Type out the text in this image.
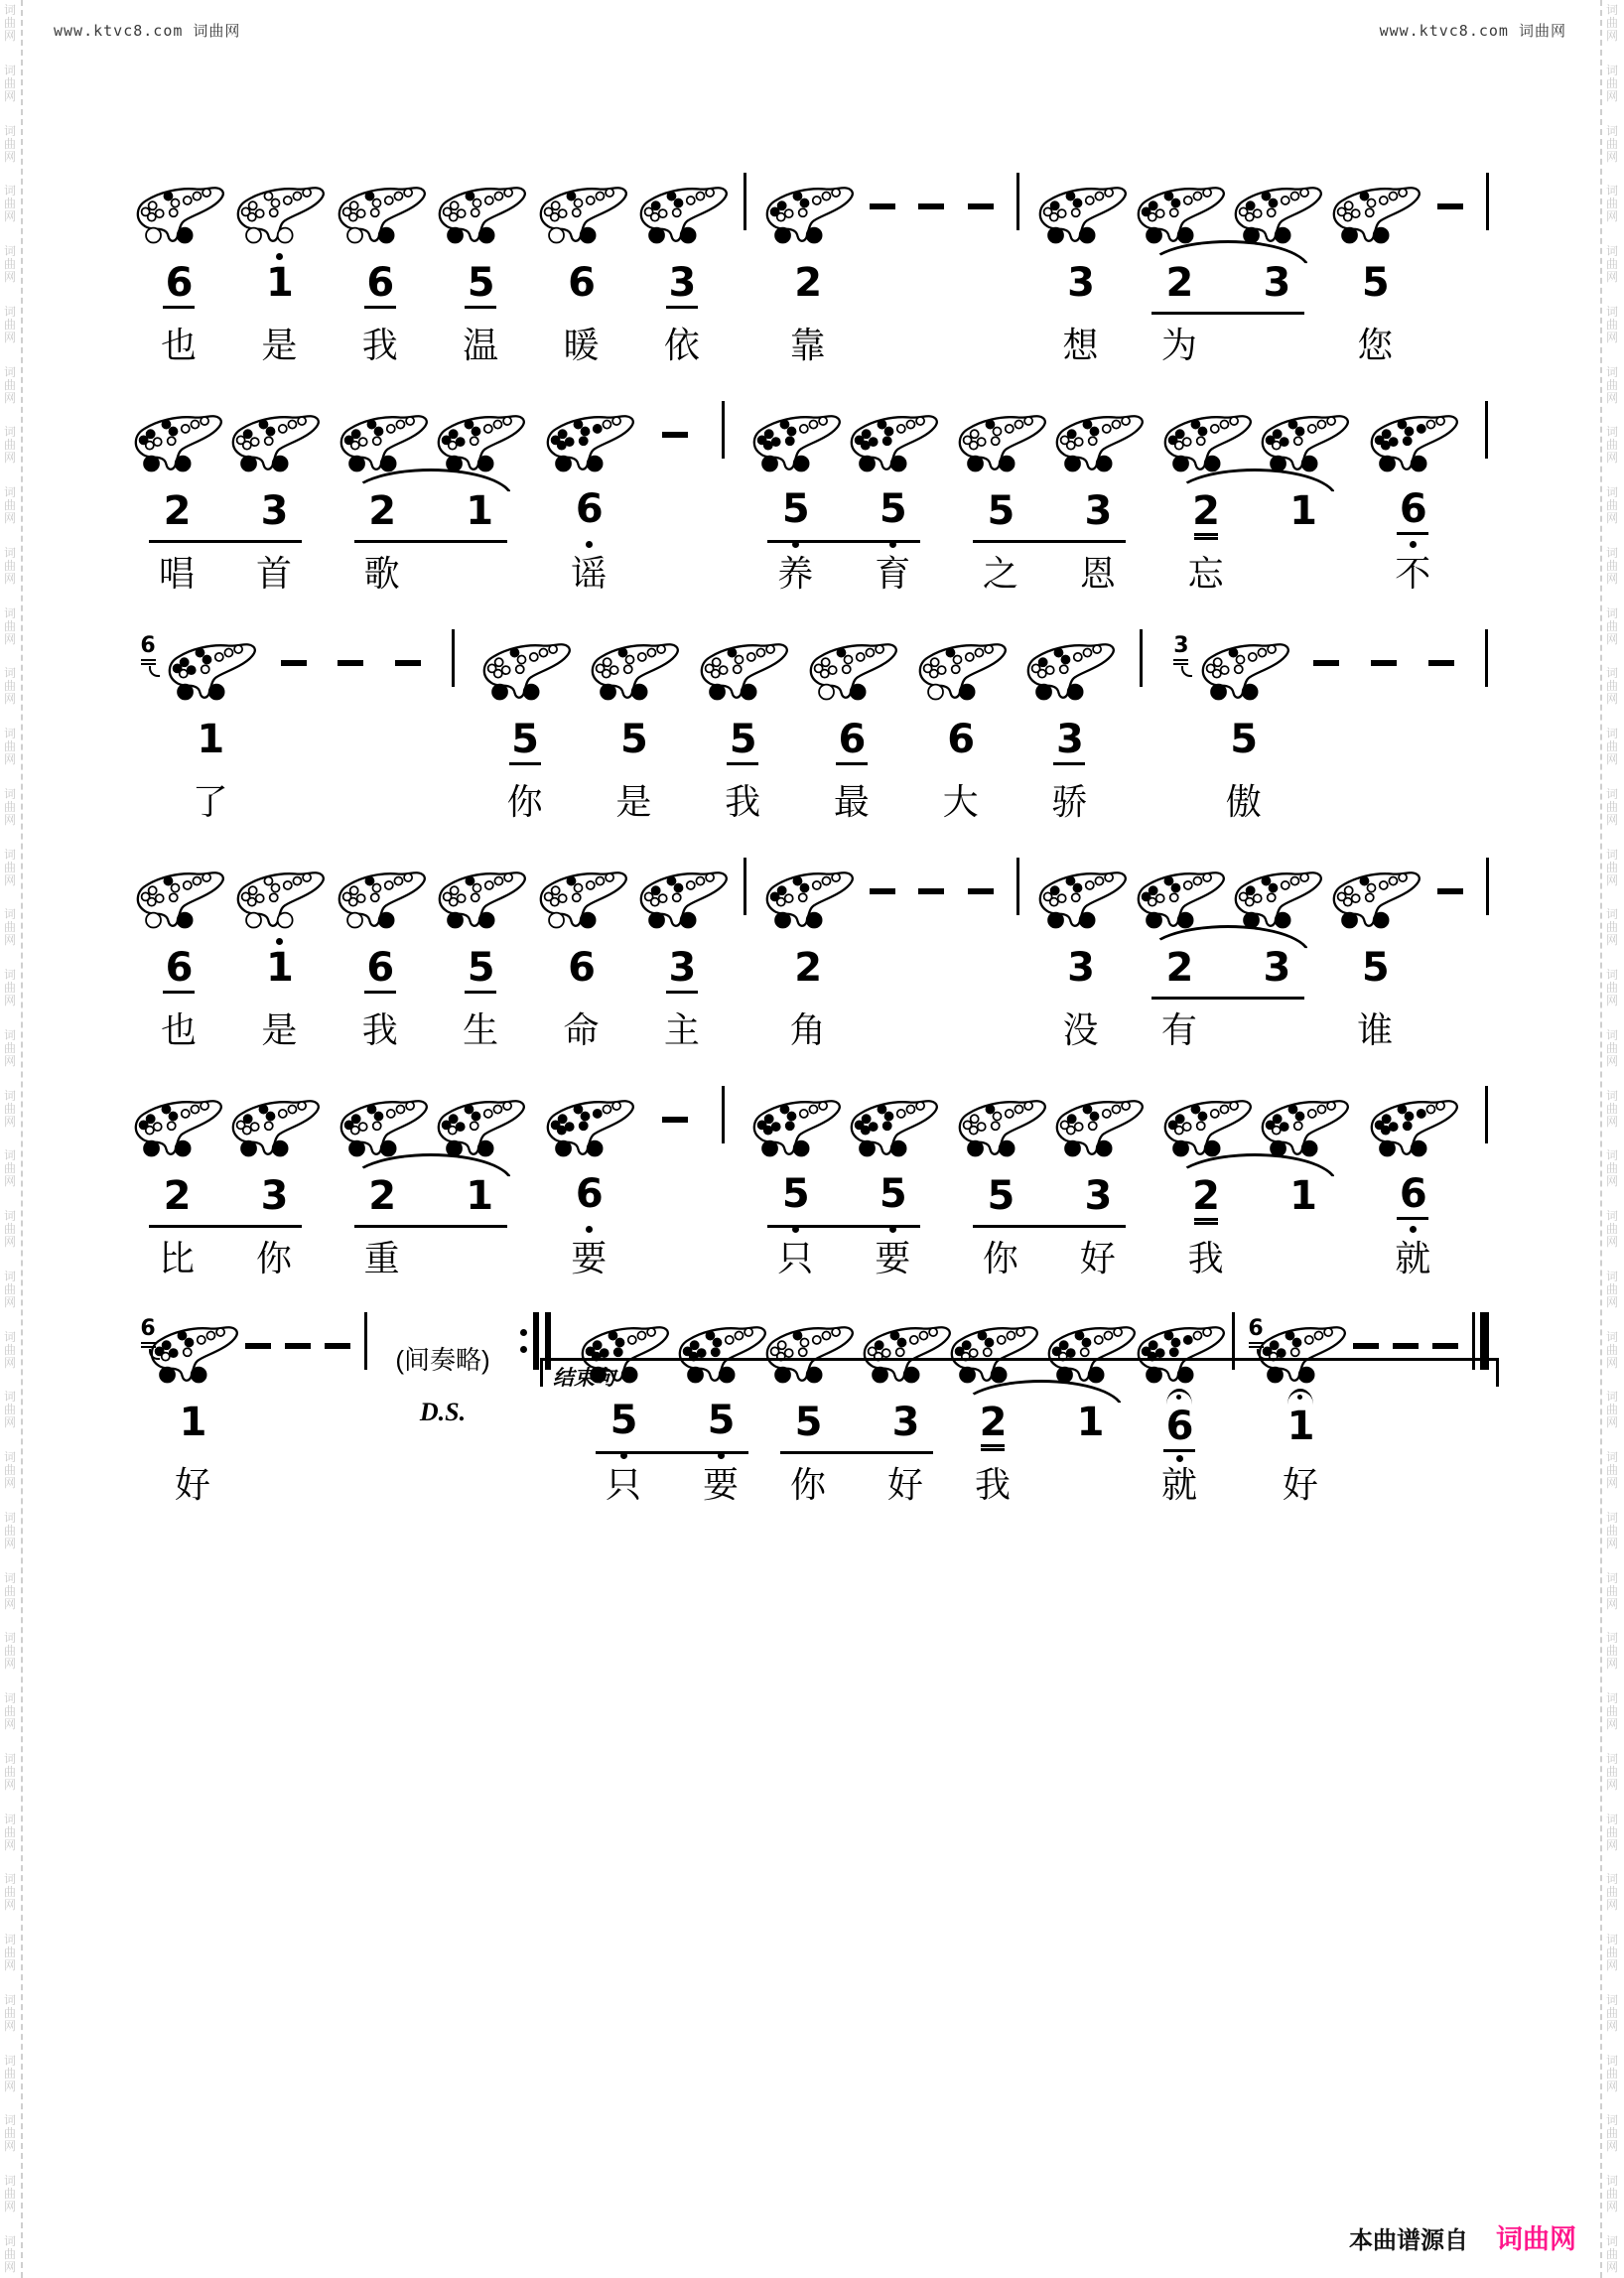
词
曲
网
词
曲
网
词
曲
网
词
曲
网
词
曲
网
词
曲
网
词
曲
网
词
曲
网
词
曲
网
词
曲
网
词
曲
网
词
曲
网
词
曲
网
词
曲
网
词
曲
网
词
曲
网
词
曲
网
词
曲
网
词
曲
网
词
曲
网
词
曲
网
词
曲
网
词
曲
网
词
曲
网
词
曲
网
词
曲
网
词
曲
网
词
曲
网
词
曲
网
词
曲
网
词
曲
网
词
曲
网
词
曲
网
词
曲
网
词
曲
网
词
曲
网
词
曲
网
词
曲
网
词
曲
网
词
曲
网
词
曲
网
词
曲
网
词
曲
网
词
曲
网
词
曲
网
词
曲
网
词
曲
网
词
曲
网
词
曲
网
词
曲
网
词
曲
网
词
曲
网
词
曲
网
词
曲
网
词
曲
网
词
曲
网
词
曲
网
词
曲
网
词
曲
网
词
曲
网
词
曲
网
词
曲
网
词
曲
网
词
曲
网
词
曲
网
词
曲
网
词
曲
网
词
曲
网
词
曲
网
词
曲
网
词
曲
网
词
曲
网
词
曲
网
词
曲
网
词
曲
网
词
曲
网
www.ktvc8.com 词曲网	www.ktvc8.com 词曲网
6
也
1
是
6
我
5
温
6
暖
3
依
2
靠
3
想
2
为
3 5
您
2
唱
3
首
2
歌
1 6
谣
5
养
5
育
5
之
3
恩
2
忘
1 6
不
6
1
了
5
你
5
是
5
我
6
最
6
大
3
骄
3
5
傲
6
也
1
是
6
我
5
生
6
命
3
主
2
角
3
没
2
有
3 5
谁
2
比
3
你
2
重
1 6
要
5
只
5
要
5
你
3
好
2
我
1 6
就
6
1
好
(间奏略)
D.S.
结束句
5
只
5
要
5
你
3
好
2
我
1 6
就
6
1
好
本曲谱源自 词曲网
